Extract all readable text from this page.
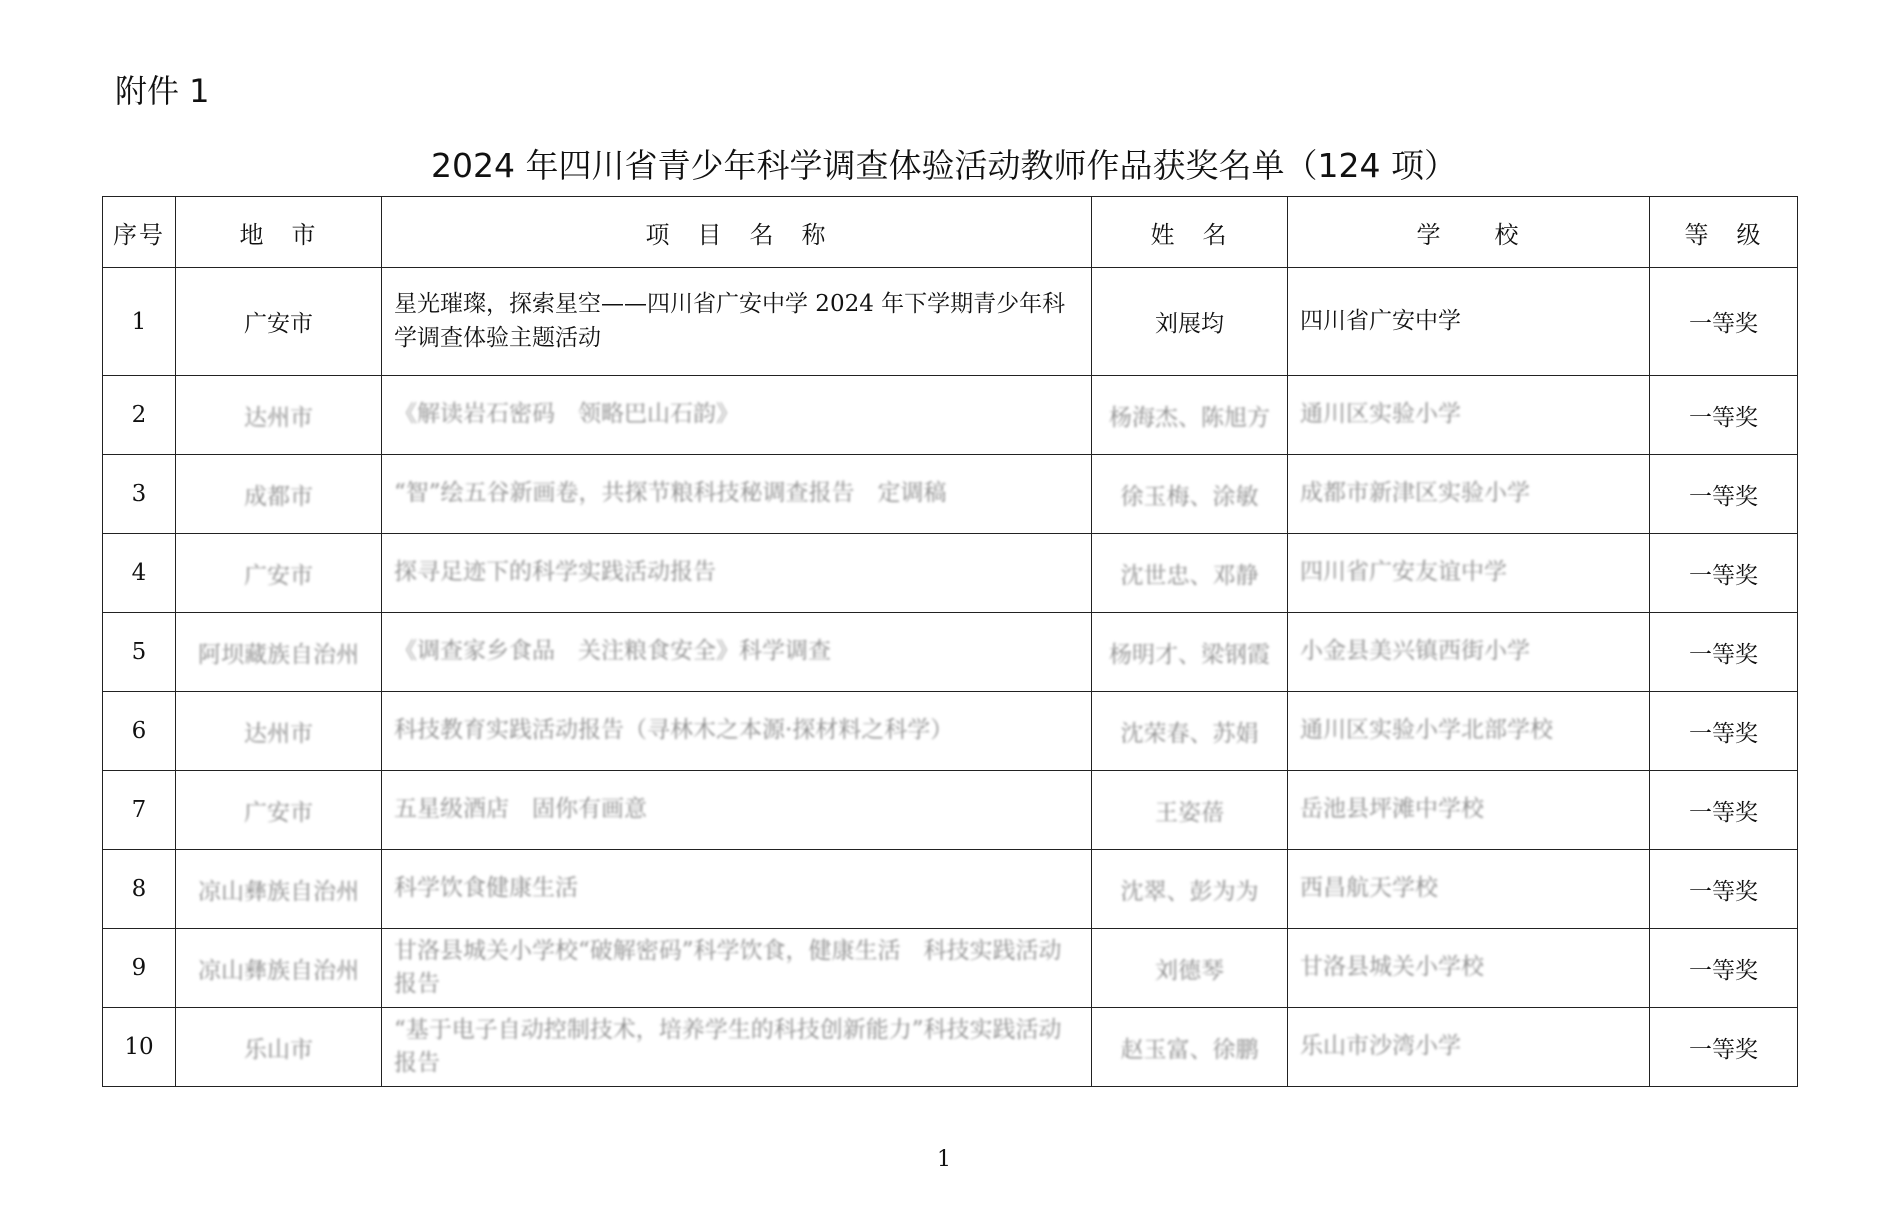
附件 1
2024 年四川省青少年科学调查体验活动教师作品获奖名单（124 项）
序号	地　市	项　目　名　称	姓　名	学　　校	等　级
1	广安市	星光璀璨，探索星空——四川省广安中学 2024 年下学期青少年科学调查体验主题活动	刘展均	四川省广安中学	一等奖
2	达州市	《解读岩石密码　领略巴山石韵》	杨海杰、陈旭方	通川区实验小学	一等奖
3	成都市	“智”绘五谷新画卷，共探节粮科技秘调查报告　定调稿	徐玉梅、涂敏	成都市新津区实验小学	一等奖
4	广安市	探寻足迹下的科学实践活动报告	沈世忠、邓静	四川省广安友谊中学	一等奖
5	阿坝藏族自治州	《调查家乡食品　关注粮食安全》科学调查	杨明才、梁钢霞	小金县美兴镇西街小学	一等奖
6	达州市	科技教育实践活动报告（寻林木之本源·探材料之科学）	沈荣春、苏娟	通川区实验小学北部学校	一等奖
7	广安市	五星级酒店　固你有画意	王姿蓓	岳池县坪滩中学校	一等奖
8	凉山彝族自治州	科学饮食健康生活	沈翠、彭为为	西昌航天学校	一等奖
9	凉山彝族自治州	甘洛县城关小学校“破解密码”科学饮食，健康生活　科技实践活动报告	刘德琴	甘洛县城关小学校	一等奖
10	乐山市	“基于电子自动控制技术，培养学生的科技创新能力”科技实践活动报告	赵玉富、徐鹏	乐山市沙湾小学	一等奖
1
